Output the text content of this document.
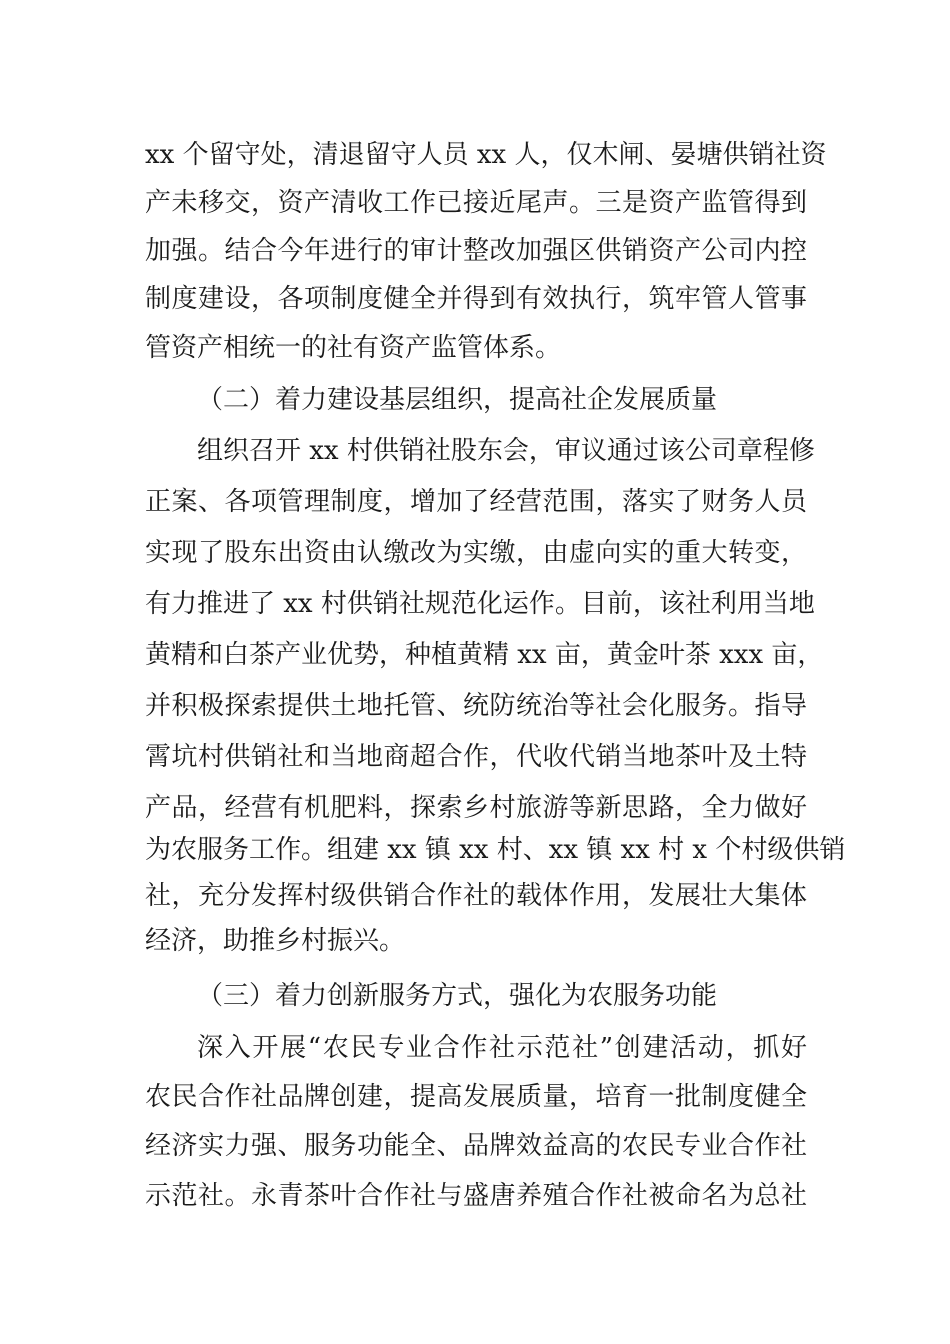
xx 个留守处，清退留守人员 xx 人，仅木闸、晏塘供销社资
产未移交，资产清收工作已接近尾声。三是资产监管得到
加强。结合今年进行的审计整改加强区供销资产公司内控
制度建设，各项制度健全并得到有效执行，筑牢管人管事
管资产相统一的社有资产监管体系。
（二）着力建设基层组织，提高社企发展质量
组织召开 xx 村供销社股东会，审议通过该公司章程修
正案、各项管理制度，增加了经营范围，落实了财务人员
实现了股东出资由认缴改为实缴，由虚向实的重大转变，
有力推进了 xx 村供销社规范化运作。目前，该社利用当地
黄精和白茶产业优势，种植黄精 xx 亩，黄金叶茶 xxx 亩，
并积极探索提供土地托管、统防统治等社会化服务。指导
霄坑村供销社和当地商超合作，代收代销当地茶叶及土特
产品，经营有机肥料，探索乡村旅游等新思路，全力做好
为农服务工作。组建 xx 镇 xx 村、xx 镇 xx 村 x 个村级供销
社，充分发挥村级供销合作社的载体作用，发展壮大集体
经济，助推乡村振兴。
（三）着力创新服务方式，强化为农服务功能
深入开展“农民专业合作社示范社”创建活动，抓好
农民合作社品牌创建，提高发展质量，培育一批制度健全
经济实力强、服务功能全、品牌效益高的农民专业合作社
示范社。永青茶叶合作社与盛唐养殖合作社被命名为总社
